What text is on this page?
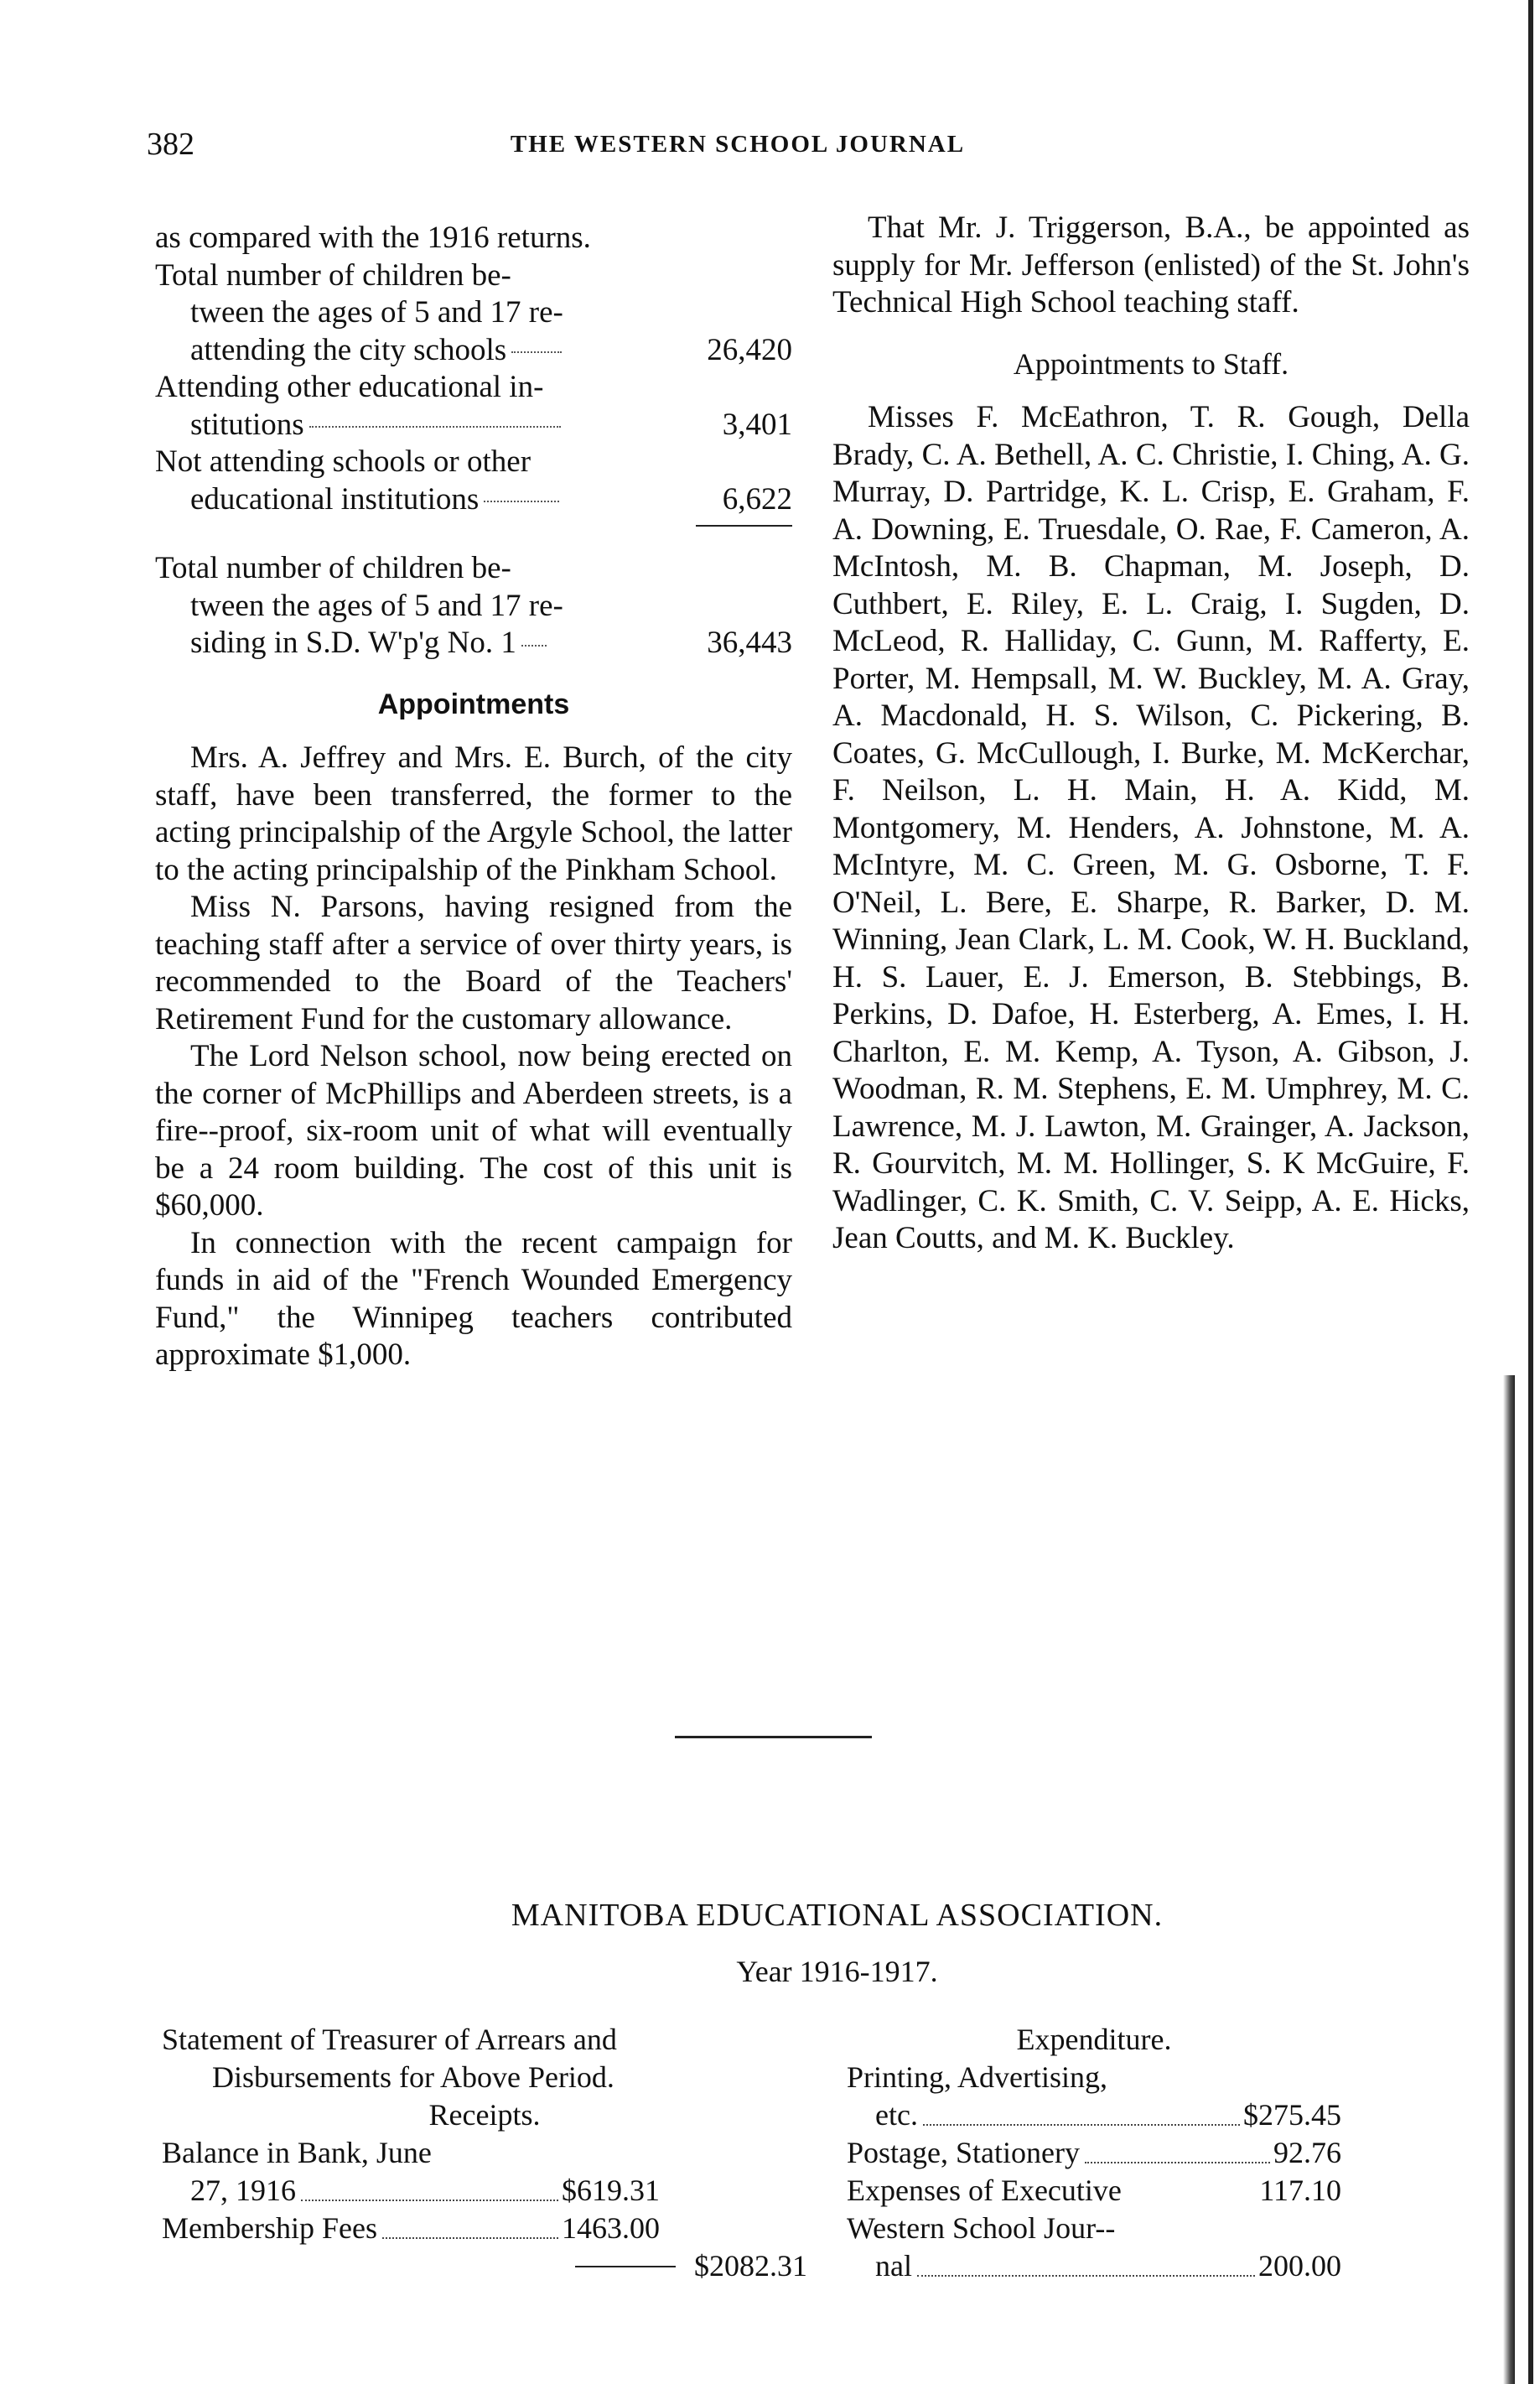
382	THE WESTERN SCHOOL JOURNAL
as compared with the 1916 returns.
Total number of children be-
tween the ages of 5 and 17 re-
attending the city schools	26,420
Attending other educational in-
stitutions	3,401
Not attending schools or other
educational institutions	6,622
Total number of children be-
tween the ages of 5 and 17 re-
siding in S.D. W'p'g No. 1	36,443
Appointments

Mrs. A. Jeffrey and Mrs. E. Burch, of the city staff, have been transferred, the former to the acting principalship of the Argyle School, the latter to the acting principalship of the Pinkham School.

Miss N. Parsons, having resigned from the teaching staff after a service of over thirty years, is recommended to the Board of the Teachers' Retirement Fund for the customary allowance.

The Lord Nelson school, now being erected on the corner of McPhillips and Aberdeen streets, is a fire--proof, six-room unit of what will eventually be a 24 room building. The cost of this unit is $60,000.

In connection with the recent campaign for funds in aid of the "French Wounded Emergency Fund," the Winnipeg teachers contributed approximate $1,000.

That Mr. J. Triggerson, B.A., be appointed as supply for Mr. Jefferson (enlisted) of the St. John's Technical High School teaching staff.

Appointments to Staff.

Misses F. McEathron, T. R. Gough, Della Brady, C. A. Bethell, A. C. Christie, I. Ching, A. G. Murray, D. Partridge, K. L. Crisp, E. Graham, F. A. Downing, E. Truesdale, O. Rae, F. Cameron, A. McIntosh, M. B. Chapman, M. Joseph, D. Cuthbert, E. Riley, E. L. Craig, I. Sugden, D. McLeod, R. Halliday, C. Gunn, M. Rafferty, E. Porter, M. Hempsall, M. W. Buckley, M. A. Gray, A. Macdonald, H. S. Wilson, C. Pickering, B. Coates, G. McCullough, I. Burke, M. McKerchar, F. Neilson, L. H. Main, H. A. Kidd, M. Montgomery, M. Henders, A. Johnstone, M. A. McIntyre, M. C. Green, M. G. Osborne, T. F. O'Neil, L. Bere, E. Sharpe, R. Barker, D. M. Winning, Jean Clark, L. M. Cook, W. H. Buckland, H. S. Lauer, E. J. Emerson, B. Stebbings, B. Perkins, D. Dafoe, H. Esterberg, A. Emes, I. H. Charlton, E. M. Kemp, A. Tyson, A. Gibson, J. Woodman, R. M. Stephens, E. M. Umphrey, M. C. Lawrence, M. J. Lawton, M. Grainger, A. Jackson, R. Gourvitch, M. M. Hollinger, S. K McGuire, F. Wadlinger, C. K. Smith, C. V. Seipp, A. E. Hicks, Jean Coutts, and M. K. Buckley.

MANITOBA EDUCATIONAL ASSOCIATION.
Year 1916-1917.
Statement of Treasurer of Arrears and
Disbursements for Above Period.
Receipts.
Balance in Bank, June
27, 1916	$619.31
Membership Fees	1463.00
$2082.31
Expenditure.
Printing, Advertising,
etc.	$275.45
Postage, Stationery	92.76
Expenses of Executive	117.10
Western School Jour--
nal	200.00
